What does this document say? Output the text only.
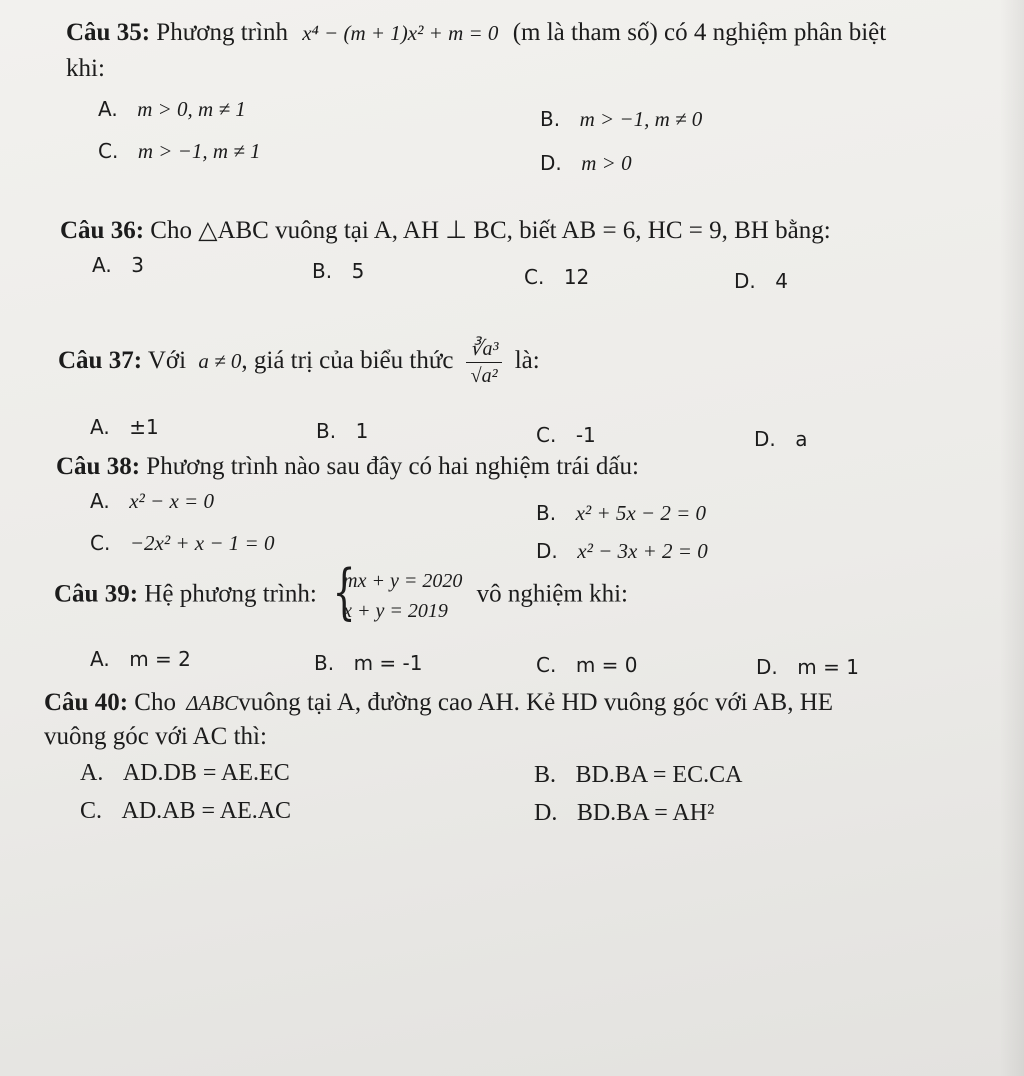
Câu 35: Phương trình x⁴ − (m + 1)x² + m = 0 (m là tham số) có 4 nghiệm phân biệt
khi:
A. m > 0, m ≠ 1	B. m > −1, m ≠ 0
C. m > −1, m ≠ 1	D. m > 0
Câu 36: Cho △ABC vuông tại A, AH ⊥ BC, biết AB = 6, HC = 9, BH bằng:
A. 3	B. 5	C. 12	D. 4
Câu 37: Với a ≠ 0, giá trị của biểu thức $\frac{\text{∛a³}}{\text{√a²}}$ là:
A. ±1	B. 1	C. -1	D. a
Câu 38: Phương trình nào sau đây có hai nghiệm trái dấu:
A. x² − x = 0	B. x² + 5x − 2 = 0
C. −2x² + x − 1 = 0	D. x² − 3x + 2 = 0
Câu 39: Hệ phương trình: {
mx + y = 2020
x + y = 2019
vô nghiệm khi:
A. m = 2	B. m = -1	C. m = 0	D. m = 1
Câu 40: Cho ΔABCvuông tại A, đường cao AH. Kẻ HD vuông góc với AB, HE
vuông góc với AC thì:
A. AD.DB = AE.EC	B. BD.BA = EC.CA
C. AD.AB = AE.AC	D. BD.BA = AH²
